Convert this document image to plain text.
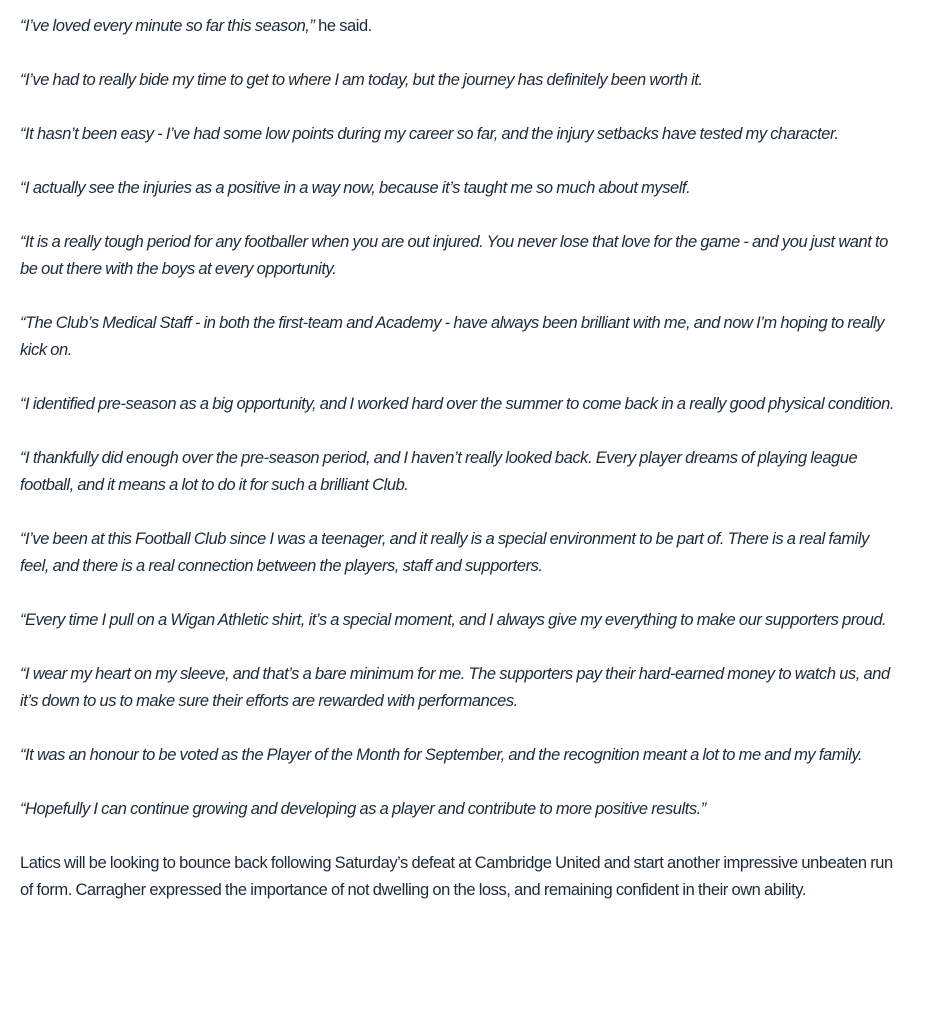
“I’ve loved every minute so far this season,” he said.

“I’ve had to really bide my time to get to where I am today, but the journey has definitely been worth it.

“It hasn’t been easy - I’ve had some low points during my career so far, and the injury setbacks have tested my character.

“I actually see the injuries as a positive in a way now, because it’s taught me so much about myself.

“It is a really tough period for any footballer when you are out injured. You never lose that love for the game - and you just want to be out there with the boys at every opportunity.

“The Club’s Medical Staff - in both the first-team and Academy - have always been brilliant with me, and now I’m hoping to really kick on.

“I identified pre-season as a big opportunity, and I worked hard over the summer to come back in a really good physical condition.

“I thankfully did enough over the pre-season period, and I haven’t really looked back. Every player dreams of playing league football, and it means a lot to do it for such a brilliant Club.

“I’ve been at this Football Club since I was a teenager, and it really is a special environment to be part of. There is a real family feel, and there is a real connection between the players, staff and supporters.

“Every time I pull on a Wigan Athletic shirt, it’s a special moment, and I always give my everything to make our supporters proud.

“I wear my heart on my sleeve, and that’s a bare minimum for me. The supporters pay their hard-earned money to watch us, and it’s down to us to make sure their efforts are rewarded with performances.

“It was an honour to be voted as the Player of the Month for September, and the recognition meant a lot to me and my family.

“Hopefully I can continue growing and developing as a player and contribute to more positive results.”

Latics will be looking to bounce back following Saturday’s defeat at Cambridge United and start another impressive unbeaten run of form. Carragher expressed the importance of not dwelling on the loss, and remaining confident in their own ability.
